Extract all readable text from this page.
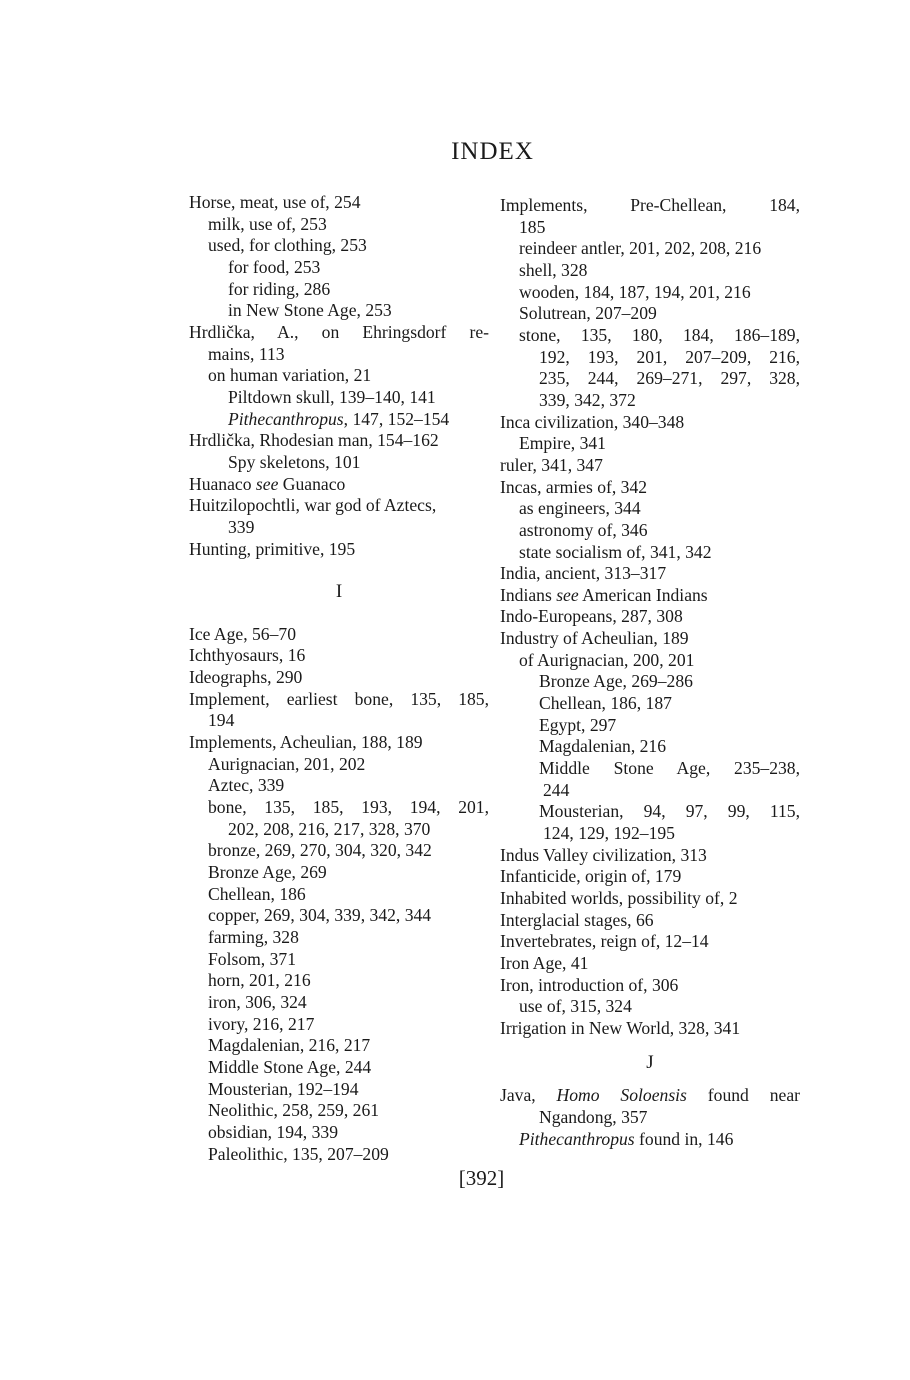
INDEX
Horse, meat, use of, 254
milk, use of, 253
used, for clothing, 253
for food, 253
for riding, 286
in New Stone Age, 253
Hrdlička, A., on Ehringsdorf re-
mains, 113
on human variation, 21
Piltdown skull, 139–140, 141
Pithecanthropus, 147, 152–154
Hrdlička, Rhodesian man, 154–162
Spy skeletons, 101
Huanaco see Guanaco
Huitzilopochtli, war god of Aztecs,
339
Hunting, primitive, 195
I
Ice Age, 56–70
Ichthyosaurs, 16
Ideographs, 290
Implement, earliest bone, 135, 185,
194
Implements, Acheulian, 188, 189
Aurignacian, 201, 202
Aztec, 339
bone, 135, 185, 193, 194, 201,
202, 208, 216, 217, 328, 370
bronze, 269, 270, 304, 320, 342
Bronze Age, 269
Chellean, 186
copper, 269, 304, 339, 342, 344
farming, 328
Folsom, 371
horn, 201, 216
iron, 306, 324
ivory, 216, 217
Magdalenian, 216, 217
Middle Stone Age, 244
Mousterian, 192–194
Neolithic, 258, 259, 261
obsidian, 194, 339
Paleolithic, 135, 207–209
Implements, Pre-Chellean, 184,
185
reindeer antler, 201, 202, 208, 216
shell, 328
wooden, 184, 187, 194, 201, 216
Solutrean, 207–209
stone, 135, 180, 184, 186–189,
192, 193, 201, 207–209, 216,
235, 244, 269–271, 297, 328,
339, 342, 372
Inca civilization, 340–348
Empire, 341
ruler, 341, 347
Incas, armies of, 342
as engineers, 344
astronomy of, 346
state socialism of, 341, 342
India, ancient, 313–317
Indians see American Indians
Indo-Europeans, 287, 308
Industry of Acheulian, 189
of Aurignacian, 200, 201
Bronze Age, 269–286
Chellean, 186, 187
Egypt, 297
Magdalenian, 216
Middle Stone Age, 235–238,
244
Mousterian, 94, 97, 99, 115,
124, 129, 192–195
Indus Valley civilization, 313
Infanticide, origin of, 179
Inhabited worlds, possibility of, 2
Interglacial stages, 66
Invertebrates, reign of, 12–14
Iron Age, 41
Iron, introduction of, 306
use of, 315, 324
Irrigation in New World, 328, 341
J
Java, Homo Soloensis found near
Ngandong, 357
Pithecanthropus found in, 146
[392]
